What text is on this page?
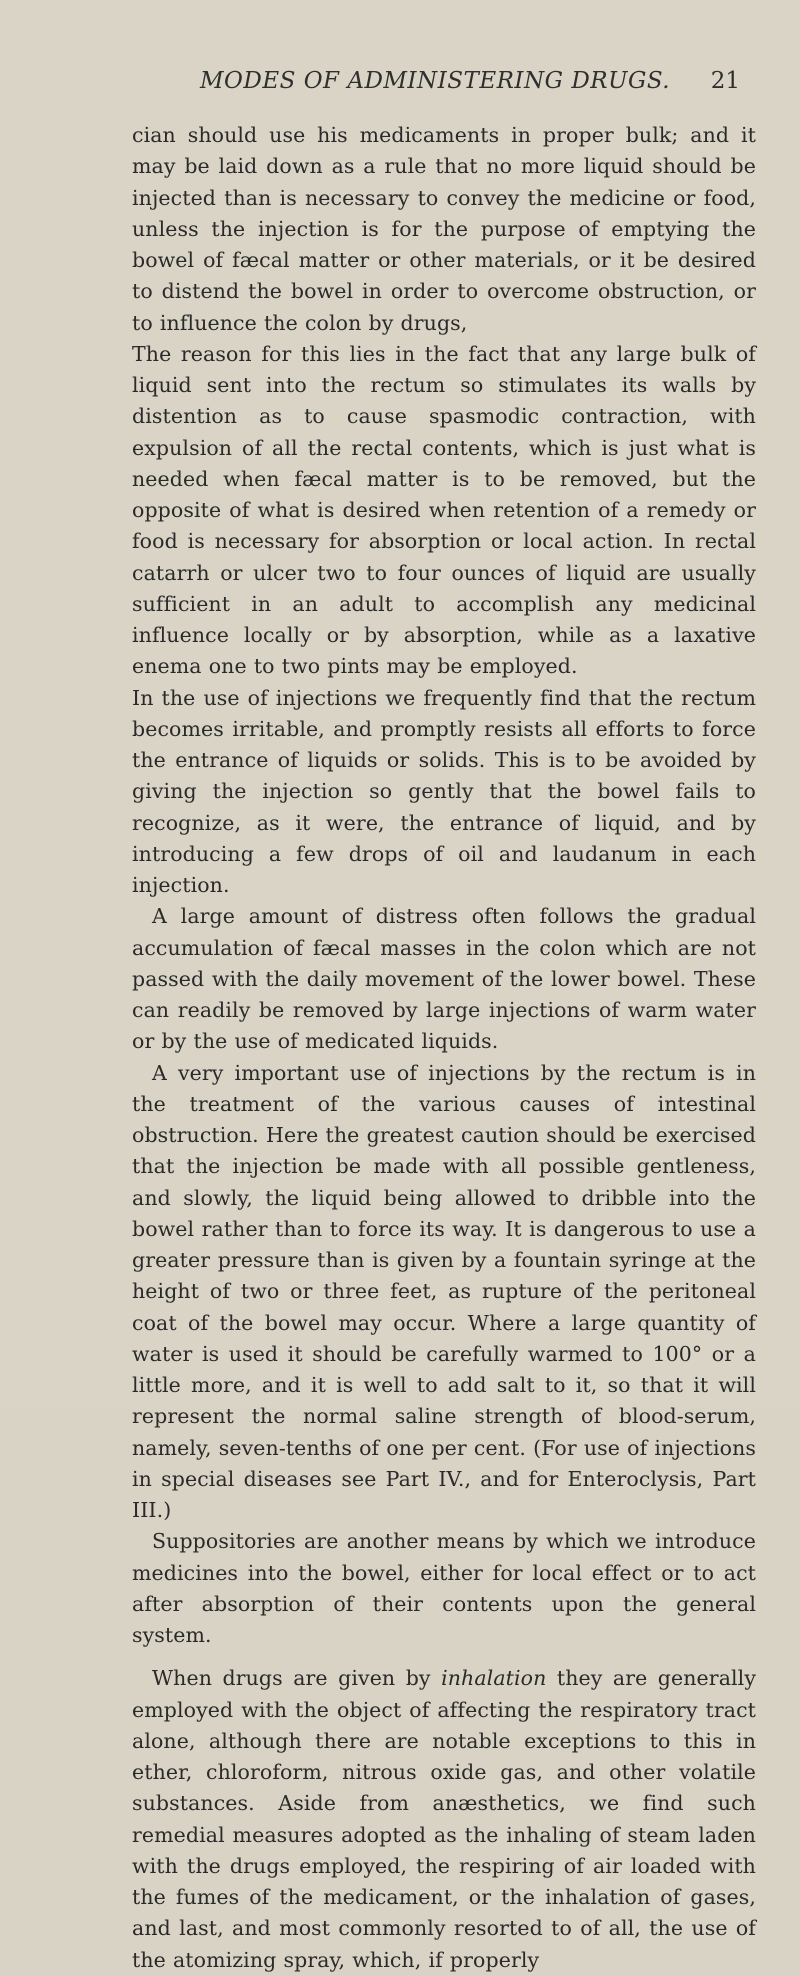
MODES OF ADMINISTERING DRUGS. 21

cian should use his medicaments in proper bulk; and it may be laid down as a rule that no more liquid should be injected than is necessary to convey the medicine or food, unless the injection is for the purpose of emptying the bowel of fæcal matter or other materials, or it be desired to distend the bowel in order to overcome obstruction, or to influence the colon by drugs,

The reason for this lies in the fact that any large bulk of liquid sent into the rectum so stimulates its walls by distention as to cause spasmodic contraction, with expulsion of all the rectal contents, which is just what is needed when fæcal matter is to be removed, but the opposite of what is desired when retention of a remedy or food is necessary for absorption or local action. In rectal catarrh or ulcer two to four ounces of liquid are usually sufficient in an adult to accomplish any medicinal influence locally or by absorption, while as a laxative enema one to two pints may be employed.

In the use of injections we frequently find that the rectum becomes irritable, and promptly resists all efforts to force the entrance of liquids or solids. This is to be avoided by giving the injection so gently that the bowel fails to recognize, as it were, the entrance of liquid, and by introducing a few drops of oil and laudanum in each injection.

A large amount of distress often follows the gradual accumulation of fæcal masses in the colon which are not passed with the daily movement of the lower bowel. These can readily be removed by large injections of warm water or by the use of medicated liquids.

A very important use of injections by the rectum is in the treatment of the various causes of intestinal obstruction. Here the greatest caution should be exercised that the injection be made with all possible gentleness, and slowly, the liquid being allowed to dribble into the bowel rather than to force its way. It is dangerous to use a greater pressure than is given by a fountain syringe at the height of two or three feet, as rupture of the peritoneal coat of the bowel may occur. Where a large quantity of water is used it should be carefully warmed to 100° or a little more, and it is well to add salt to it, so that it will represent the normal saline strength of blood-serum, namely, seven-tenths of one per cent. (For use of injections in special diseases see Part IV., and for Enteroclysis, Part III.)

Suppositories are another means by which we introduce medicines into the bowel, either for local effect or to act after absorption of their contents upon the general system.

When drugs are given by inhalation they are generally employed with the object of affecting the respiratory tract alone, although there are notable exceptions to this in ether, chloroform, nitrous oxide gas, and other volatile substances. Aside from anæsthetics, we find such remedial measures adopted as the inhaling of steam laden with the drugs employed, the respiring of air loaded with the fumes of the medicament, or the inhalation of gases, and last, and most commonly resorted to of all, the use of the atomizing spray, which, if properly
